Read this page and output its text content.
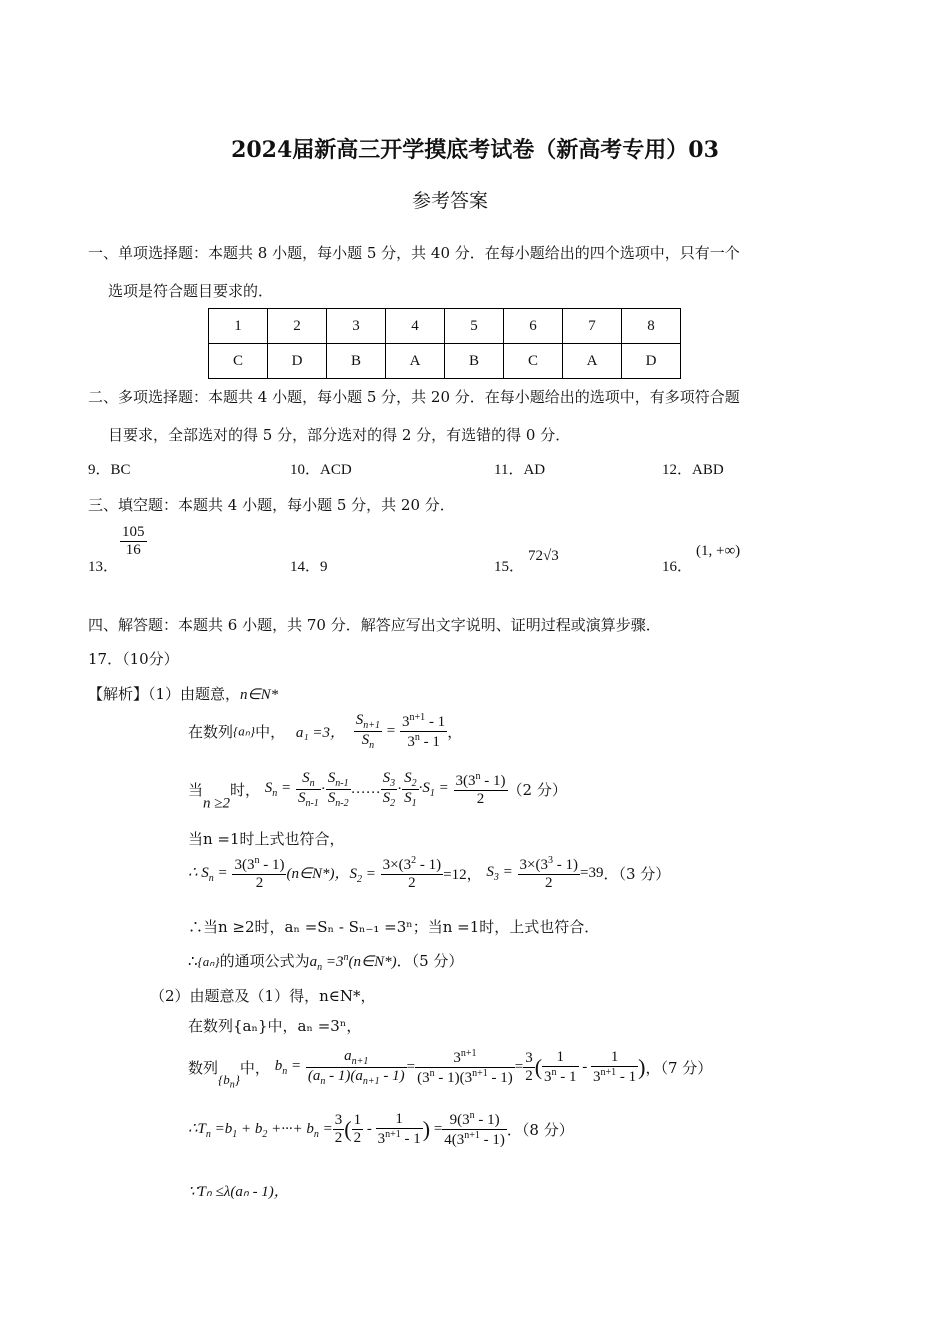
2024届新高三开学摸底考试卷（新高考专用）03
参考答案
一、单项选择题：本题共 8 小题，每小题 5 分，共 40 分．在每小题给出的四个选项中，只有一个
选项是符合题目要求的．
1	2	3	4	5	6	7	8
C	D	B	A	B	C	A	D
二、多项选择题：本题共 4 小题，每小题 5 分，共 20 分．在每小题给出的选项中，有多项符合题
目要求，全部选对的得 5 分，部分选对的得 2 分，有选错的得 0 分．
9．BC	10．ACD	11．AD	12．ABD
三、填空题：本题共 4 小题，每小题 5 分，共 20 分．
13．
$\frac{105}{16}$
14．9	15．
72√3
16．
(1, +∞)
四、解答题：本题共 6 小题，共 70 分．解答应写出文字说明、证明过程或演算步骤．
17．（10分）
【解析】（1）由题意，n∈N*
在数列{aₙ}中， a₁ =3， $\frac{S_{n+1}}{S_n} = \frac{3^{n+1} - 1}{3^n - 1}$ ，
当n ≥2时， $S_n = \frac{S_n}{S_{n-1}} \cdot \frac{S_{n-1}}{S_{n-2}}$ …… $\frac{S_3}{S_2} \cdot \frac{S_2}{S_1} \cdot S_1 = \frac{3(3^n - 1)}{2} (2$ 分）
当n =1时上式也符合，
∴ $S_n = \frac{3(3^n - 1)}{2}$ (n∈N*)，$S_2 = \frac{3\times(3^2 - 1)}{2} =12$， $S_3 = \frac{3\times(3^3 - 1)}{2} =39$．（3 分）
∴当n ≥2时，aₙ =Sₙ - Sₙ₋₁ =3ⁿ；当n =1时，上式也符合．
∴{aₙ}的通项公式为$a_n$ $=3^n(n\in N*)$．（5 分）
（2）由题意及（1）得，n∈N*，
在数列{aₙ}中，aₙ =3ⁿ，
数列$\{b_n\}$中， $b_n = \frac{a_{n+1}}{(a_n - 1)(a_{n+1} - 1)} = \frac{3^{n+1}}{(3^n - 1)(3^{n+1} - 1)} = \frac{3}{2}$ ( $\frac{1}{3^n - 1} - \frac{1}{3^{n+1} - 1}$ )，（7 分）
$\therefore T_n =b_1 + b_2$ +···+ $b_n = \frac{3}{2}$ ( $\frac{1}{2} - \frac{1}{3^{n+1} - 1}$ ) = $\frac{9(3^n - 1)}{4(3^{n+1} - 1)}$ ．（8 分）
∵Tₙ ≤λ(aₙ - 1)，
